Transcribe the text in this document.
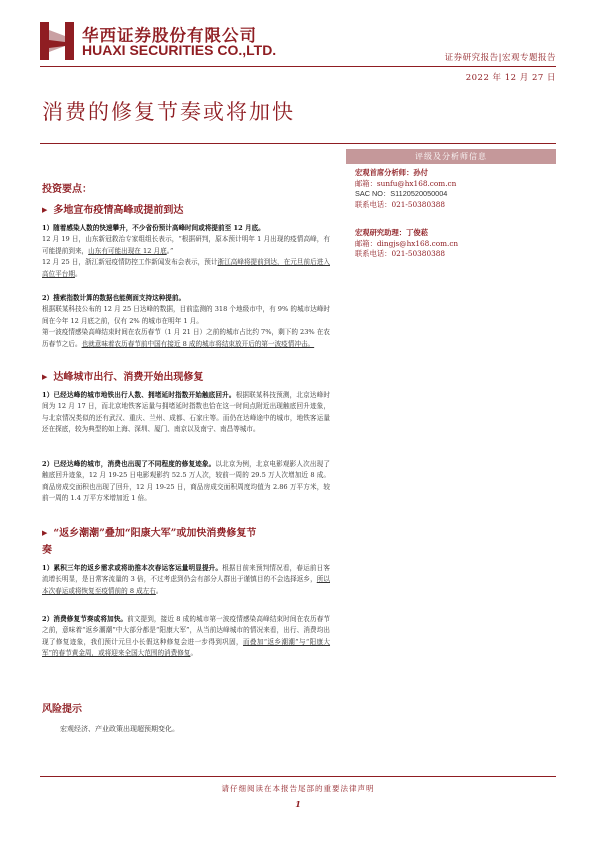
华西证券股份有限公司
HUAXI SECURITIES CO.,LTD.	证券研究报告|宏观专题报告
2022 年 12 月 27 日
消费的修复节奏或将加快
评级及分析师信息
宏观首席分析师：孙付
邮箱：sunfu@hx168.com.cn
SAC NO：S1120520050004
联系电话：021-50380388
宏观研究助理：丁俊菘
邮箱：dingjs@hx168.com.cn
联系电话：021-50380388
投资要点：
▶ 多地宣布疫情高峰或提前到达
1）随着感染人数的快速攀升，不少省份预计高峰时间或将提前至 12 月底。
12 月 19 日，山东新冠救治专家组组长表示，“根据研判，原本预计明年 1 月出现的疫情高峰，有可能提前到来，山东有可能出现在 12 月底。”
12 月 25 日，浙江新冠疫情防控工作新闻发布会表示，预计浙江高峰将提前到达，在元旦前后进入高位平台期。
2）搜索指数计算的数据也能侧面支持这种提前。
根据联某科技公布的 12 月 25 日达峰的数据，目前监测的 318 个地级市中，有 9% 的城市达峰时间在今年 12 月底之前，仅有 2% 的城市在明年 1 月。
第一波疫情感染高峰结束时间在农历春节（1 月 21 日）之前的城市占比约 7%，剩下的 23% 在农历春节之后。也就意味着农历春节前中国有接近 8 成的城市将结束放开后的第一波疫情冲击。
▶ 达峰城市出行、消费开始出现修复
1）已经达峰的城市地铁出行人数、拥堵延时指数开始触底回升。根据联某科技预测，北京达峰时间为 12 月 17 日，而北京地铁客运量与拥堵延时指数也恰在这一时间点附近出现触底回升迹象，与北京情况类似的还有武汉、重庆、兰州、成都、石家庄等。而仍在达峰途中的城市，地铁客运量还在探底，较为典型的如上海、深圳、厦门、南京以及南宁、南昌等城市。
2）已经达峰的城市，消费也出现了不同程度的修复迹象。以北京为例，北京电影观影人次出现了触底回升迹象，12 月 19-25 日电影观影约 52.5 万人次，较前一周的 29.5 万人次增加近 8 成。商品房成交面积也出现了回升，12 月 19-25 日，商品房成交面积周度均值为 2.86 万平方米，较前一周的 1.4 万平方米增加近 1 倍。
▶ “返乡潮潮”叠加“阳康大军”或加快消费修复节
奏
1）累积三年的返乡需求或将助推本次春运客运量明显提升。根据目前来预判情况看，春运前日客流增长明显，是日常客流量的 3 倍，不过考虑到仍会有部分人群出于谨慎目的不会选择返乡，所以本次春运或将恢复至疫情前的 8 成左右。
2）消费修复节奏或将加快。前文提到，接近 8 成的城市第一波疫情感染高峰结束时间在农历春节之前，意味着“返乡潮潮”中大部分都是“阳康大军”，从当前达峰城市的情况来看，出行、消费均出现了修复迹象，我们预计元旦小长假这种修复会进一步得到巩固，而叠加“返乡潮潮”与“阳康大军”的春节黄金周，或将迎来全国大范围的消费修复。
风险提示
宏观经济、产业政策出现超预期变化。
请仔细阅读在本报告尾部的重要法律声明
1
